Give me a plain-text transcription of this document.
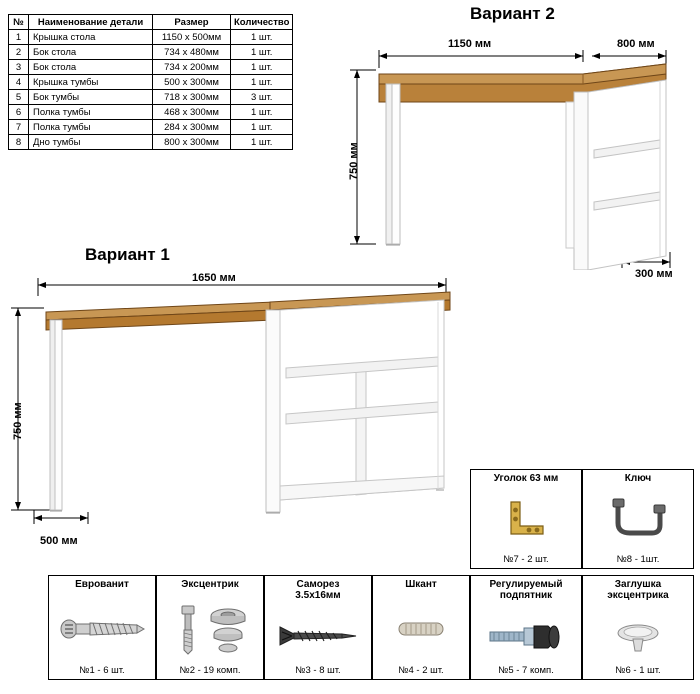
№	Наименование детали	Размер	Количество
1	Крышка стола	1150 x 500мм	1 шт.
2	Бок стола	734 х 480мм	1 шт.
3	Бок стола	734 х 200мм	1 шт.
4	Крышка тумбы	500 х 300мм	1 шт.
5	Бок тумбы	718 х 300мм	3 шт.
6	Полка тумбы	468 х 300мм	1 шт.
7	Полка тумбы	284 х 300мм	1 шт.
8	Дно тумбы	800 х 300мм	1 шт.
Вариант 2
1150 мм	800 мм
750 мм
300 мм
Вариант 1
1650 мм
750 мм
500 мм
Уголок 63 мм
№7 - 2 шт.
Ключ
№8 - 1шт.
Еврованит
№1 - 6 шт.
Эксцентрик
№2 - 19 комп.
Саморез
3.5х16мм
№3 - 8 шт.
Шкант
№4 - 2 шт.
Регулируемый
подпятник
№5 - 7 комп.
Заглушка
эксцентрика
№6 - 1 шт.
